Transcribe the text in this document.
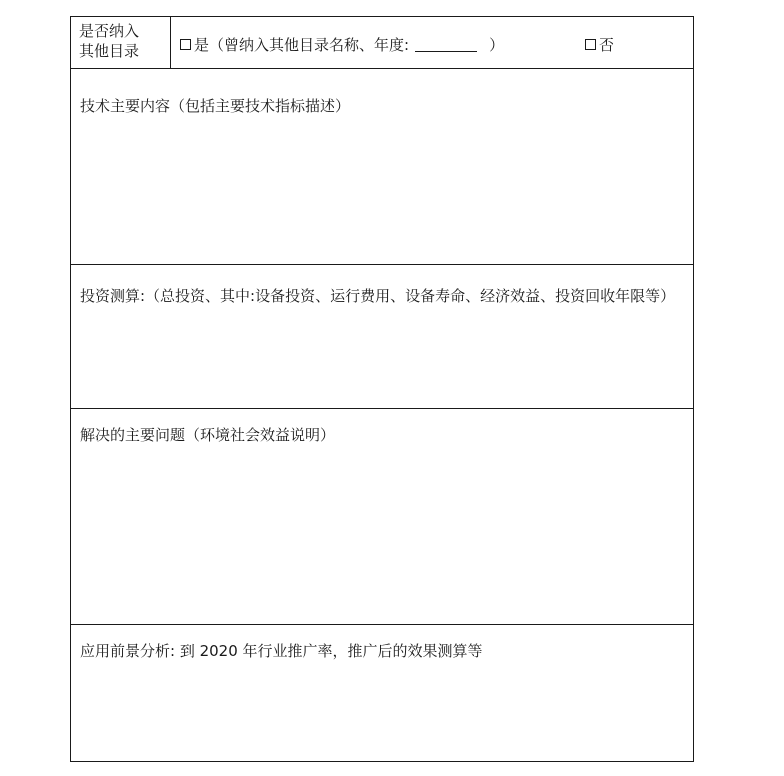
是否纳入
其他目录	是（曾纳入其他目录名称、年度:	）	否
技术主要内容（包括主要技术指标描述）
投资测算:（总投资、其中:设备投资、运行费用、设备寿命、经济效益、投资回收年限等）
解决的主要问题（环境社会效益说明）
应用前景分析: 到 2020 年行业推广率，推广后的效果测算等
